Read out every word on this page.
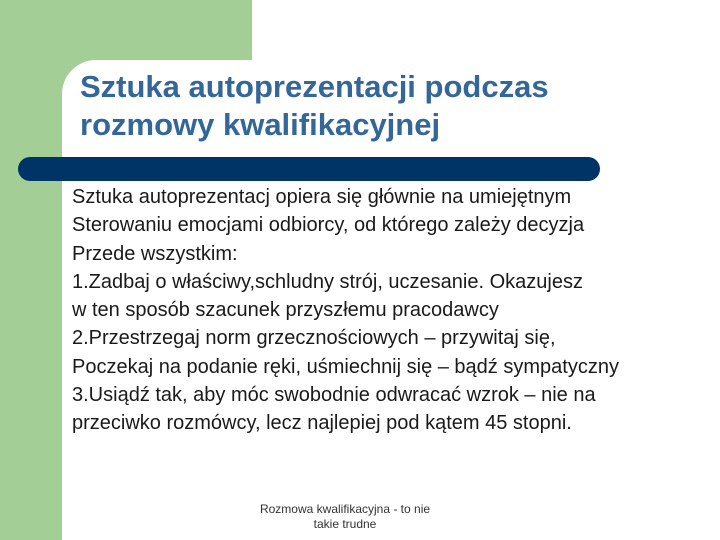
Sztuka autoprezentacji podczas
rozmowy kwalifikacyjnej
Sztuka autoprezentacj opiera się głównie na umiejętnym
Sterowaniu emocjami odbiorcy, od którego zależy decyzja
Przede wszystkim:
1.Zadbaj o właściwy,schludny strój, uczesanie. Okazujesz
w ten sposób szacunek przyszłemu pracodawcy
2.Przestrzegaj norm grzecznościowych – przywitaj się,
Poczekaj na podanie ręki, uśmiechnij się – bądź sympatyczny
3.Usiądź tak, aby móc swobodnie odwracać wzrok – nie na
przeciwko rozmówcy, lecz najlepiej pod kątem 45 stopni.
Rozmowa kwalifikacyjna - to nie
takie trudne
